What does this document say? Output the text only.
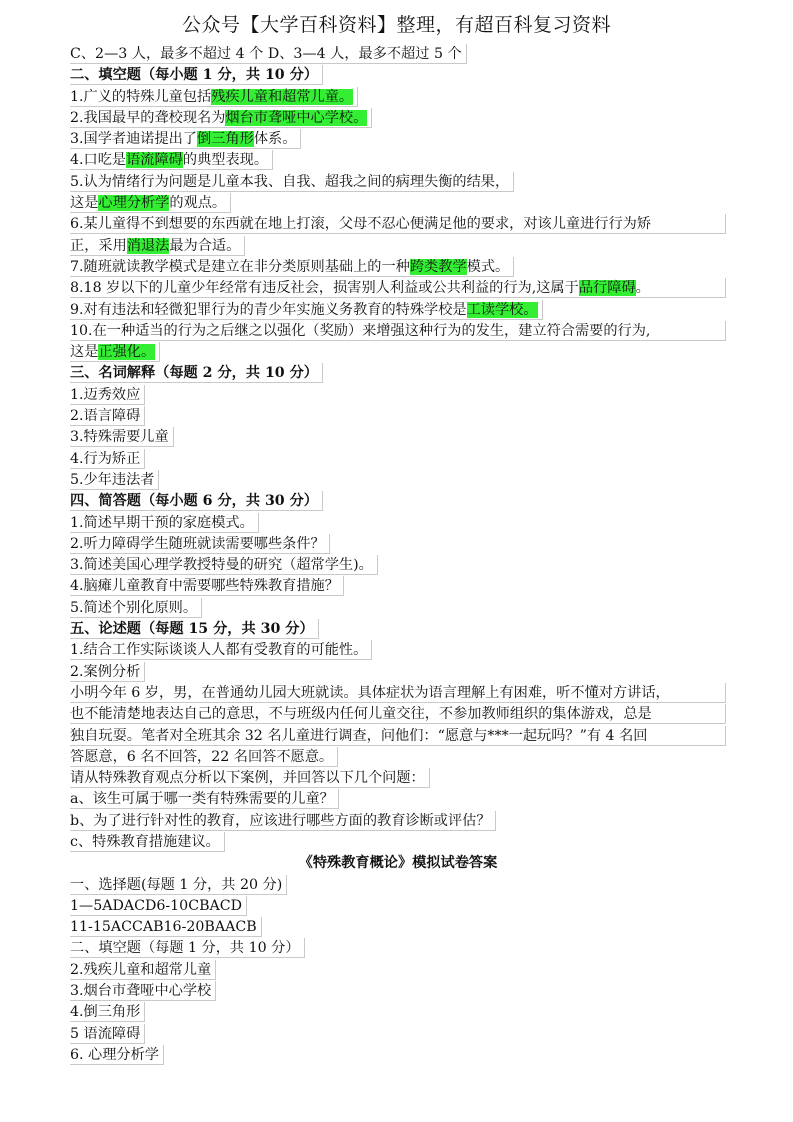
公众号【大学百科资料】整理，有超百科复习资料
C、2—3 人，最多不超过 4 个 D、3—4 人，最多不超过 5 个
二、填空题（每小题 1 分，共 10 分）
1.广义的特殊儿童包括残疾儿童和超常儿童。
2.我国最早的聋校现名为烟台市聋哑中心学校。
3.国学者迪诺提出了倒三角形体系。
4.口吃是语流障碍的典型表现。
5.认为情绪行为问题是儿童本我、自我、超我之间的病理失衡的结果，
这是心理分析学的观点。
6.某儿童得不到想要的东西就在地上打滚，父母不忍心便满足他的要求，对该儿童进行行为矫
正，采用消退法最为合适。
7.随班就读教学模式是建立在非分类原则基础上的一种跨类教学模式。
8.18 岁以下的儿童少年经常有违反社会，损害别人利益或公共利益的行为,这属于品行障碍。
9.对有违法和轻微犯罪行为的青少年实施义务教育的特殊学校是工读学校。
10.在一种适当的行为之后继之以强化（奖励）来增强这种行为的发生，建立符合需要的行为,
这是正强化。
三、名词解释（每题 2 分，共 10 分）
1.迈秀效应
2.语言障碍
3.特殊需要儿童
4.行为矫正
5.少年违法者
四、简答题（每小题 6 分，共 30 分）
1.简述早期干预的家庭模式。
2.听力障碍学生随班就读需要哪些条件？
3.简述美国心理学教授特曼的研究（超常学生)。
4.脑瘫儿童教育中需要哪些特殊教育措施？
5.简述个别化原则。
五、论述题（每题 15 分，共 30 分）
1.结合工作实际谈谈人人都有受教育的可能性。
2.案例分析
小明今年 6 岁，男，在普通幼儿园大班就读。具体症状为语言理解上有困难，听不懂对方讲话，
也不能清楚地表达自己的意思，不与班级内任何儿童交往，不参加教师组织的集体游戏，总是
独自玩耍。笔者对全班其余 32 名儿童进行调查，问他们：“愿意与***一起玩吗？”有 4 名回
答愿意，6 名不回答，22 名回答不愿意。
请从特殊教育观点分析以下案例，并回答以下几个问题：
a、该生可属于哪一类有特殊需要的儿童？
b、为了进行针对性的教育，应该进行哪些方面的教育诊断或评估？
c、特殊教育措施建议。
《特殊教育概论》模拟试卷答案
一、选择题(每题 1 分，共 20 分)
1—5ADACD6-10CBACD
11-15ACCAB16-20BAACB
二、填空题（每题 1 分，共 10 分）
2.残疾儿童和超常儿童
3.烟台市聋哑中心学校
4.倒三角形
5 语流障碍
6. 心理分析学
